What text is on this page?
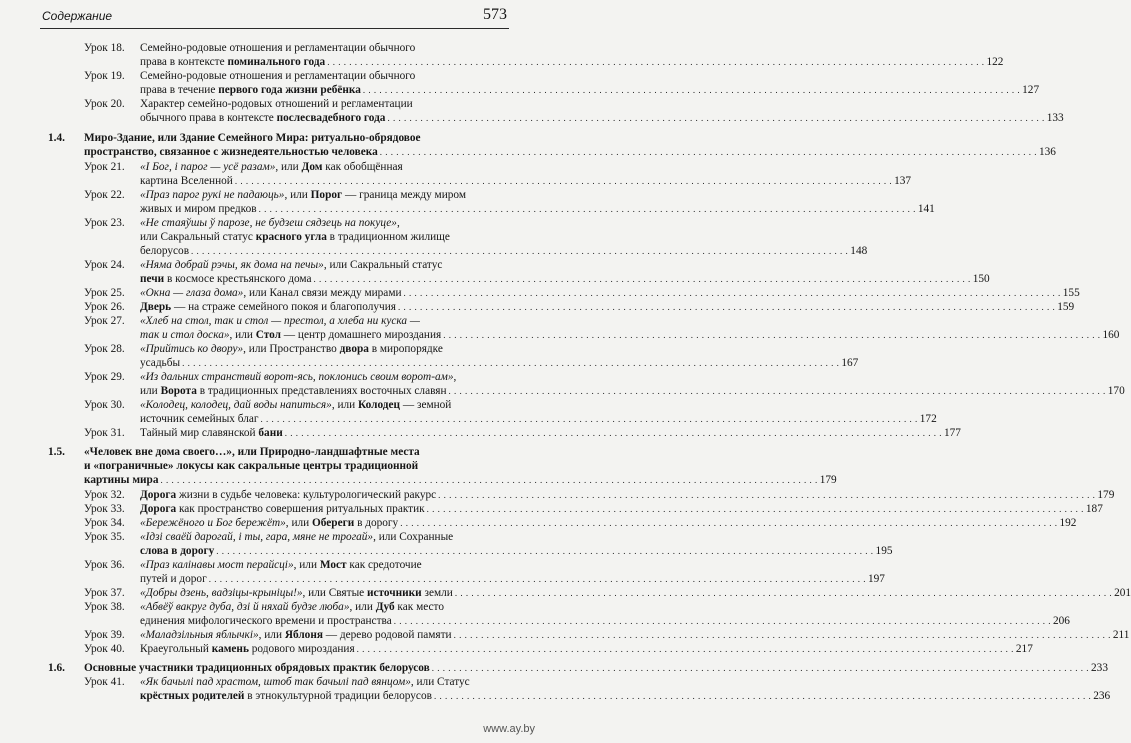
Содержание	573
Урок 18.	Семейно-родовые отношения и регламентации обычного
права в контексте поминального года . . . . . . . . . . . . . . . . . . . . . . . . . . . . . . . . . . . . . . . . . . . . . . . . . . . . . . . . . . . . . . . . . . . . . . . . . . . . . . . . . . . . . . . . . . . . . . . . . . . . . . . . . . . . . . . . . . . . . . . . 122
Урок 19.	Семейно-родовые отношения и регламентации обычного
права в течение первого года жизни ребёнка . . . . . . . . . . . . . . . . . . . . . . . . . . . . . . . . . . . . . . . . . . . . . . . . . . . . . . . . . . . . . . . . . . . . . . . . . . . . . . . . . . . . . . . . . . . . . . . . . . . . . . . . . . . . . . . . . . . . . . . . 127
Урок 20.	Характер семейно-родовых отношений и регламентации
обычного права в контексте послесвадебного года . . . . . . . . . . . . . . . . . . . . . . . . . . . . . . . . . . . . . . . . . . . . . . . . . . . . . . . . . . . . . . . . . . . . . . . . . . . . . . . . . . . . . . . . . . . . . . . . . . . . . . . . . . . . . . . . . . . . . . . . 133
1.4.	Миро-Здание, или Здание Семейного Мира: ритуально-обрядовое
пространство, связанное с жизнедеятельностью человека . . . . . . . . . . . . . . . . . . . . . . . . . . . . . . . . . . . . . . . . . . . . . . . . . . . . . . . . . . . . . . . . . . . . . . . . . . . . . . . . . . . . . . . . . . . . . . . . . . . . . . . . . . . . . . . . . . . . . . . . 136
Урок 21.	«І Бог, і парог — усё разам», или Дом как обобщённая
картина Вселенной . . . . . . . . . . . . . . . . . . . . . . . . . . . . . . . . . . . . . . . . . . . . . . . . . . . . . . . . . . . . . . . . . . . . . . . . . . . . . . . . . . . . . . . . . . . . . . . . . . . . . . . . . . . . . . . . . . . . . . . . 137
Урок 22.	«Праз парог рукі не падаюць», или Порог — граница между миром
живых и миром предков . . . . . . . . . . . . . . . . . . . . . . . . . . . . . . . . . . . . . . . . . . . . . . . . . . . . . . . . . . . . . . . . . . . . . . . . . . . . . . . . . . . . . . . . . . . . . . . . . . . . . . . . . . . . . . . . . . . . . . . . 141
Урок 23.	«Не стаяўшы ў парозе, не будзеш сядзець на покуце»,
или Сакральный статус красного угла в традиционном жилище
белорусов . . . . . . . . . . . . . . . . . . . . . . . . . . . . . . . . . . . . . . . . . . . . . . . . . . . . . . . . . . . . . . . . . . . . . . . . . . . . . . . . . . . . . . . . . . . . . . . . . . . . . . . . . . . . . . . . . . . . . . . . 148
Урок 24.	«Няма добрай рэчы, як дома на печы», или Сакральный статус
печи в космосе крестьянского дома . . . . . . . . . . . . . . . . . . . . . . . . . . . . . . . . . . . . . . . . . . . . . . . . . . . . . . . . . . . . . . . . . . . . . . . . . . . . . . . . . . . . . . . . . . . . . . . . . . . . . . . . . . . . . . . . . . . . . . . . 150
Урок 25.	«Окна — глаза дома», или Канал связи между мирами . . . . . . . . . . . . . . . . . . . . . . . . . . . . . . . . . . . . . . . . . . . . . . . . . . . . . . . . . . . . . . . . . . . . . . . . . . . . . . . . . . . . . . . . . . . . . . . . . . . . . . . . . . . . . . . . . . . . . . . . 155
Урок 26.	Дверь — на страже семейного покоя и благополучия . . . . . . . . . . . . . . . . . . . . . . . . . . . . . . . . . . . . . . . . . . . . . . . . . . . . . . . . . . . . . . . . . . . . . . . . . . . . . . . . . . . . . . . . . . . . . . . . . . . . . . . . . . . . . . . . . . . . . . . . 159
Урок 27.	«Хлеб на стол, так и стол — престол, а хлеба ни куска —
так и стол доска», или Стол — центр домашнего мироздания . . . . . . . . . . . . . . . . . . . . . . . . . . . . . . . . . . . . . . . . . . . . . . . . . . . . . . . . . . . . . . . . . . . . . . . . . . . . . . . . . . . . . . . . . . . . . . . . . . . . . . . . . . . . . . . . . . . . . . . . 160
Урок 28.	«Прийтись ко двору», или Пространство двора в миропорядке
усадьбы . . . . . . . . . . . . . . . . . . . . . . . . . . . . . . . . . . . . . . . . . . . . . . . . . . . . . . . . . . . . . . . . . . . . . . . . . . . . . . . . . . . . . . . . . . . . . . . . . . . . . . . . . . . . . . . . . . . . . . . . 167
Урок 29.	«Из дальних странствий ворот-ясь, поклонись своим ворот-ам»,
или Ворота в традиционных представлениях восточных славян . . . . . . . . . . . . . . . . . . . . . . . . . . . . . . . . . . . . . . . . . . . . . . . . . . . . . . . . . . . . . . . . . . . . . . . . . . . . . . . . . . . . . . . . . . . . . . . . . . . . . . . . . . . . . . . . . . . . . . . . 170
Урок 30.	«Колодец, колодец, дай воды напиться», или Колодец — земной
источник семейных благ . . . . . . . . . . . . . . . . . . . . . . . . . . . . . . . . . . . . . . . . . . . . . . . . . . . . . . . . . . . . . . . . . . . . . . . . . . . . . . . . . . . . . . . . . . . . . . . . . . . . . . . . . . . . . . . . . . . . . . . . 172
Урок 31.	Тайный мир славянской бани . . . . . . . . . . . . . . . . . . . . . . . . . . . . . . . . . . . . . . . . . . . . . . . . . . . . . . . . . . . . . . . . . . . . . . . . . . . . . . . . . . . . . . . . . . . . . . . . . . . . . . . . . . . . . . . . . . . . . . . . 177
1.5.	«Человек вне дома своего…», или Природно-ландшафтные места
и «пограничные» локусы как сакральные центры традиционной
картины мира . . . . . . . . . . . . . . . . . . . . . . . . . . . . . . . . . . . . . . . . . . . . . . . . . . . . . . . . . . . . . . . . . . . . . . . . . . . . . . . . . . . . . . . . . . . . . . . . . . . . . . . . . . . . . . . . . . . . . . . . 179
Урок 32.	Дорога жизни в судьбе человека: культурологический ракурс . . . . . . . . . . . . . . . . . . . . . . . . . . . . . . . . . . . . . . . . . . . . . . . . . . . . . . . . . . . . . . . . . . . . . . . . . . . . . . . . . . . . . . . . . . . . . . . . . . . . . . . . . . . . . . . . . . . . . . . . 179
Урок 33.	Дорога как пространство совершения ритуальных практик . . . . . . . . . . . . . . . . . . . . . . . . . . . . . . . . . . . . . . . . . . . . . . . . . . . . . . . . . . . . . . . . . . . . . . . . . . . . . . . . . . . . . . . . . . . . . . . . . . . . . . . . . . . . . . . . . . . . . . . . 187
Урок 34.	«Бережёного и Бог бережёт», или Обереги в дорогу . . . . . . . . . . . . . . . . . . . . . . . . . . . . . . . . . . . . . . . . . . . . . . . . . . . . . . . . . . . . . . . . . . . . . . . . . . . . . . . . . . . . . . . . . . . . . . . . . . . . . . . . . . . . . . . . . . . . . . . . 192
Урок 35.	«Ідзі сваёй дарогай, і ты, гара, мяне не трогай», или Сохранные
слова в дорогу . . . . . . . . . . . . . . . . . . . . . . . . . . . . . . . . . . . . . . . . . . . . . . . . . . . . . . . . . . . . . . . . . . . . . . . . . . . . . . . . . . . . . . . . . . . . . . . . . . . . . . . . . . . . . . . . . . . . . . . . 195
Урок 36.	«Праз калінавы мост перайсці», или Мост как средоточие
путей и дорог . . . . . . . . . . . . . . . . . . . . . . . . . . . . . . . . . . . . . . . . . . . . . . . . . . . . . . . . . . . . . . . . . . . . . . . . . . . . . . . . . . . . . . . . . . . . . . . . . . . . . . . . . . . . . . . . . . . . . . . . 197
Урок 37.	«Добры дзень, вадзіцы-крыніцы!», или Святые источники земли . . . . . . . . . . . . . . . . . . . . . . . . . . . . . . . . . . . . . . . . . . . . . . . . . . . . . . . . . . . . . . . . . . . . . . . . . . . . . . . . . . . . . . . . . . . . . . . . . . . . . . . . . . . . . . . . . . . . . . . . 201
Урок 38.	«Абвёў вакруг дуба, дзі й няхай будзе люба», или Дуб как место
единения мифологического времени и пространства . . . . . . . . . . . . . . . . . . . . . . . . . . . . . . . . . . . . . . . . . . . . . . . . . . . . . . . . . . . . . . . . . . . . . . . . . . . . . . . . . . . . . . . . . . . . . . . . . . . . . . . . . . . . . . . . . . . . . . . . 206
Урок 39.	«Маладзільныя яблычкі», или Яблоня — дерево родовой памяти . . . . . . . . . . . . . . . . . . . . . . . . . . . . . . . . . . . . . . . . . . . . . . . . . . . . . . . . . . . . . . . . . . . . . . . . . . . . . . . . . . . . . . . . . . . . . . . . . . . . . . . . . . . . . . . . . . . . . . . . 211
Урок 40.	Краеугольный камень родового мироздания . . . . . . . . . . . . . . . . . . . . . . . . . . . . . . . . . . . . . . . . . . . . . . . . . . . . . . . . . . . . . . . . . . . . . . . . . . . . . . . . . . . . . . . . . . . . . . . . . . . . . . . . . . . . . . . . . . . . . . . . 217
1.6.	Основные участники традиционных обрядовых практик белорусов . . . . . . . . . . . . . . . . . . . . . . . . . . . . . . . . . . . . . . . . . . . . . . . . . . . . . . . . . . . . . . . . . . . . . . . . . . . . . . . . . . . . . . . . . . . . . . . . . . . . . . . . . . . . . . . . . . . . . . . . 233
Урок 41.	«Як бачылі пад храстом, штоб так бачылі пад вянцом», или Статус
крёстных родителей в этнокультурной традиции белорусов . . . . . . . . . . . . . . . . . . . . . . . . . . . . . . . . . . . . . . . . . . . . . . . . . . . . . . . . . . . . . . . . . . . . . . . . . . . . . . . . . . . . . . . . . . . . . . . . . . . . . . . . . . . . . . . . . . . . . . . . 236
www.ay.by
